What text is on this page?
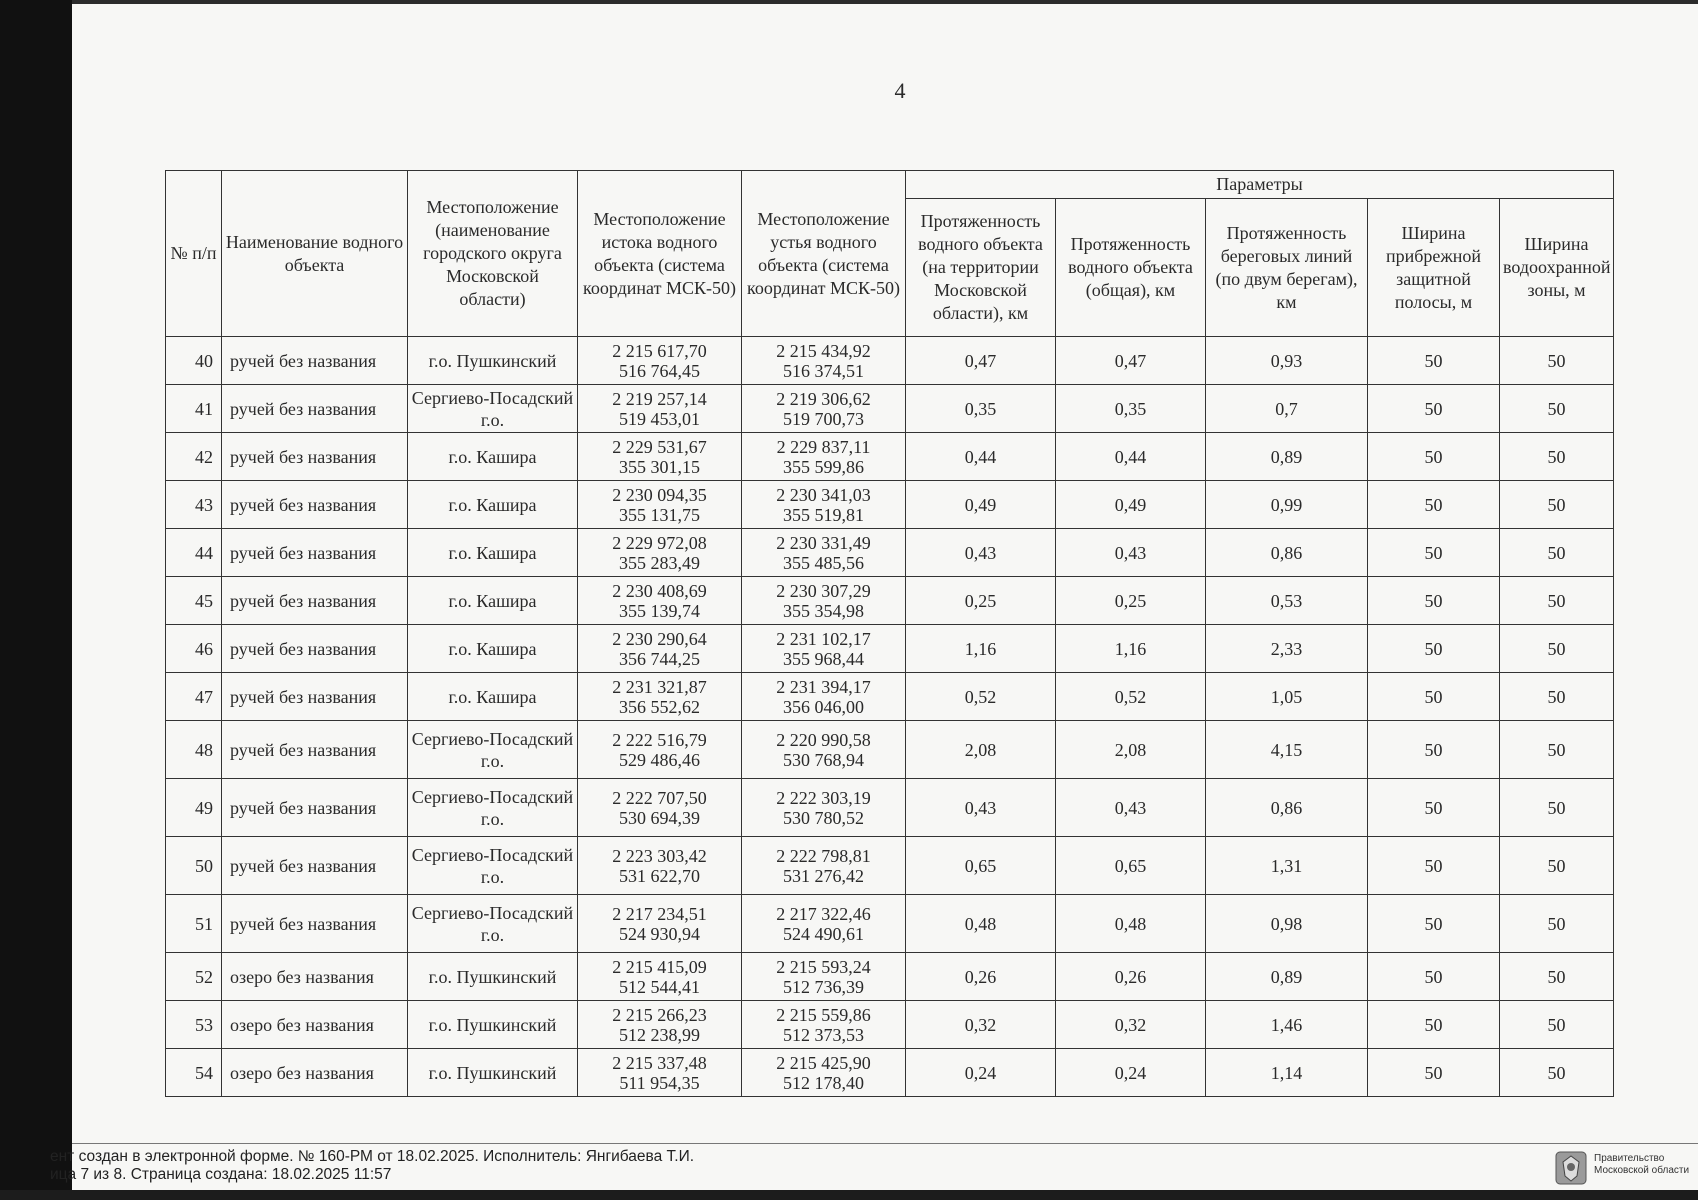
4
№ п/п	Наименование водного объекта	Местоположение (наименование городского округа Московской области)	Местоположение истока водного объекта (система координат МСК-50)	Местоположение устья водного объекта (система координат МСК-50)	Параметры				
					Протяженность водного объекта (на территории Московской области), км	Протяженность водного объекта (общая), км	Протяженность береговых линий (по двум берегам), км	Ширина прибрежной защитной полосы, м	Ширина водоохранной зоны, м
40	ручей без названия	г.о. Пушкинский	2 215 617,70
516 764,45	2 215 434,92
516 374,51	0,47	0,47	0,93	50	50
41	ручей без названия	Сергиево-Посадский г.о.	2 219 257,14
519 453,01	2 219 306,62
519 700,73	0,35	0,35	0,7	50	50
42	ручей без названия	г.о. Кашира	2 229 531,67
355 301,15	2 229 837,11
355 599,86	0,44	0,44	0,89	50	50
43	ручей без названия	г.о. Кашира	2 230 094,35
355 131,75	2 230 341,03
355 519,81	0,49	0,49	0,99	50	50
44	ручей без названия	г.о. Кашира	2 229 972,08
355 283,49	2 230 331,49
355 485,56	0,43	0,43	0,86	50	50
45	ручей без названия	г.о. Кашира	2 230 408,69
355 139,74	2 230 307,29
355 354,98	0,25	0,25	0,53	50	50
46	ручей без названия	г.о. Кашира	2 230 290,64
356 744,25	2 231 102,17
355 968,44	1,16	1,16	2,33	50	50
47	ручей без названия	г.о. Кашира	2 231 321,87
356 552,62	2 231 394,17
356 046,00	0,52	0,52	1,05	50	50
48	ручей без названия	Сергиево-Посадский г.о.	2 222 516,79
529 486,46	2 220 990,58
530 768,94	2,08	2,08	4,15	50	50
49	ручей без названия	Сергиево-Посадский г.о.	2 222 707,50
530 694,39	2 222 303,19
530 780,52	0,43	0,43	0,86	50	50
50	ручей без названия	Сергиево-Посадский г.о.	2 223 303,42
531 622,70	2 222 798,81
531 276,42	0,65	0,65	1,31	50	50
51	ручей без названия	Сергиево-Посадский г.о.	2 217 234,51
524 930,94	2 217 322,46
524 490,61	0,48	0,48	0,98	50	50
52	озеро без названия	г.о. Пушкинский	2 215 415,09
512 544,41	2 215 593,24
512 736,39	0,26	0,26	0,89	50	50
53	озеро без названия	г.о. Пушкинский	2 215 266,23
512 238,99	2 215 559,86
512 373,53	0,32	0,32	1,46	50	50
54	озеро без названия	г.о. Пушкинский	2 215 337,48
511 954,35	2 215 425,90
512 178,40	0,24	0,24	1,14	50	50
ент создан в электронной форме. № 160-РМ от 18.02.2025. Исполнитель: Янгибаева Т.И.
ица 7 из 8. Страница создана: 18.02.2025 11:57
Правительство
Московской области
